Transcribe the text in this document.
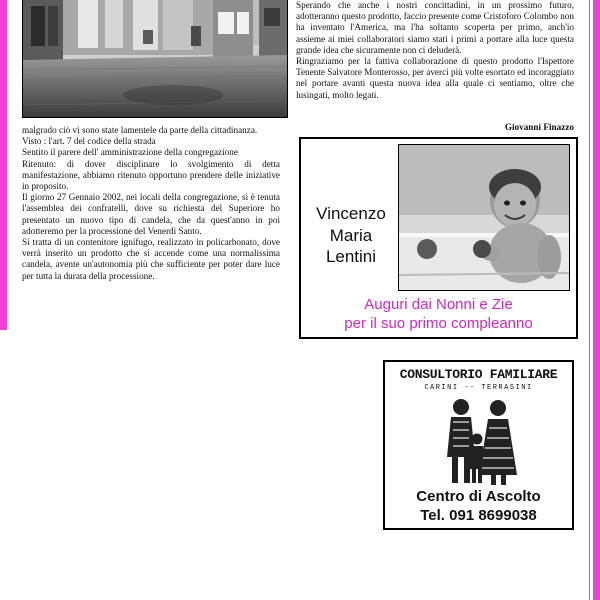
Sperando che anche i nostri concittadini, in un prossimo futuro, adotteranno questo prodotto, faccio presente come Cristoforo Colombo non ha inventato l'America, ma l'ha soltanto scoperta per primo, anch'io assieme ai miei collaboratori siamo stati i primi a portare alla luce questa grande idea che sicuramente non ci deluderà.

Ringraziamo per la fattiva collaborazione di questo prodotto l'Ispettore Tenente Salvatore Monterosso, per averci più volte esortato ed incoraggiato nel portare avanti questa nuova idea alla quale ci sentiamo, oltre che lusingati, molto legati.

Giovanni Finazzo

malgrado ciò vi sono state lamentele da parte della cittadinanza.

Visto : l'art. 7 del codice della strada

Sentito il parere dell' amministrazione della congregazione

Ritenuto: di dover disciplinare lo svolgimento di detta manifestazione, abbiamo ritenuto opportuno prendere delle iniziative in proposito.

Il giorno 27 Gennaio 2002, nei locali della congregazione, si è tenuta l'assemblea dei confratelli, dove su richiesta del Superiore ho presentato un nuovo tipo di candela, che da quest'anno in poi adotteremo per la processione del Venerdì Santo.

Si tratta di un contenitore ignifugo, realizzato in policarbonato, dove verrà inserito un prodotto che si accende come una normalissima candela, avente un'autonomia più che sufficiente per poter dare luce per tutta la durata della processione.

Vincenzo
Maria
Lentini
Auguri dai Nonni e Zie
per il suo primo compleanno
CONSULTORIO FAMILIARE
CARINI -- TERRASINI
Centro di Ascolto
Tel. 091 8699038
